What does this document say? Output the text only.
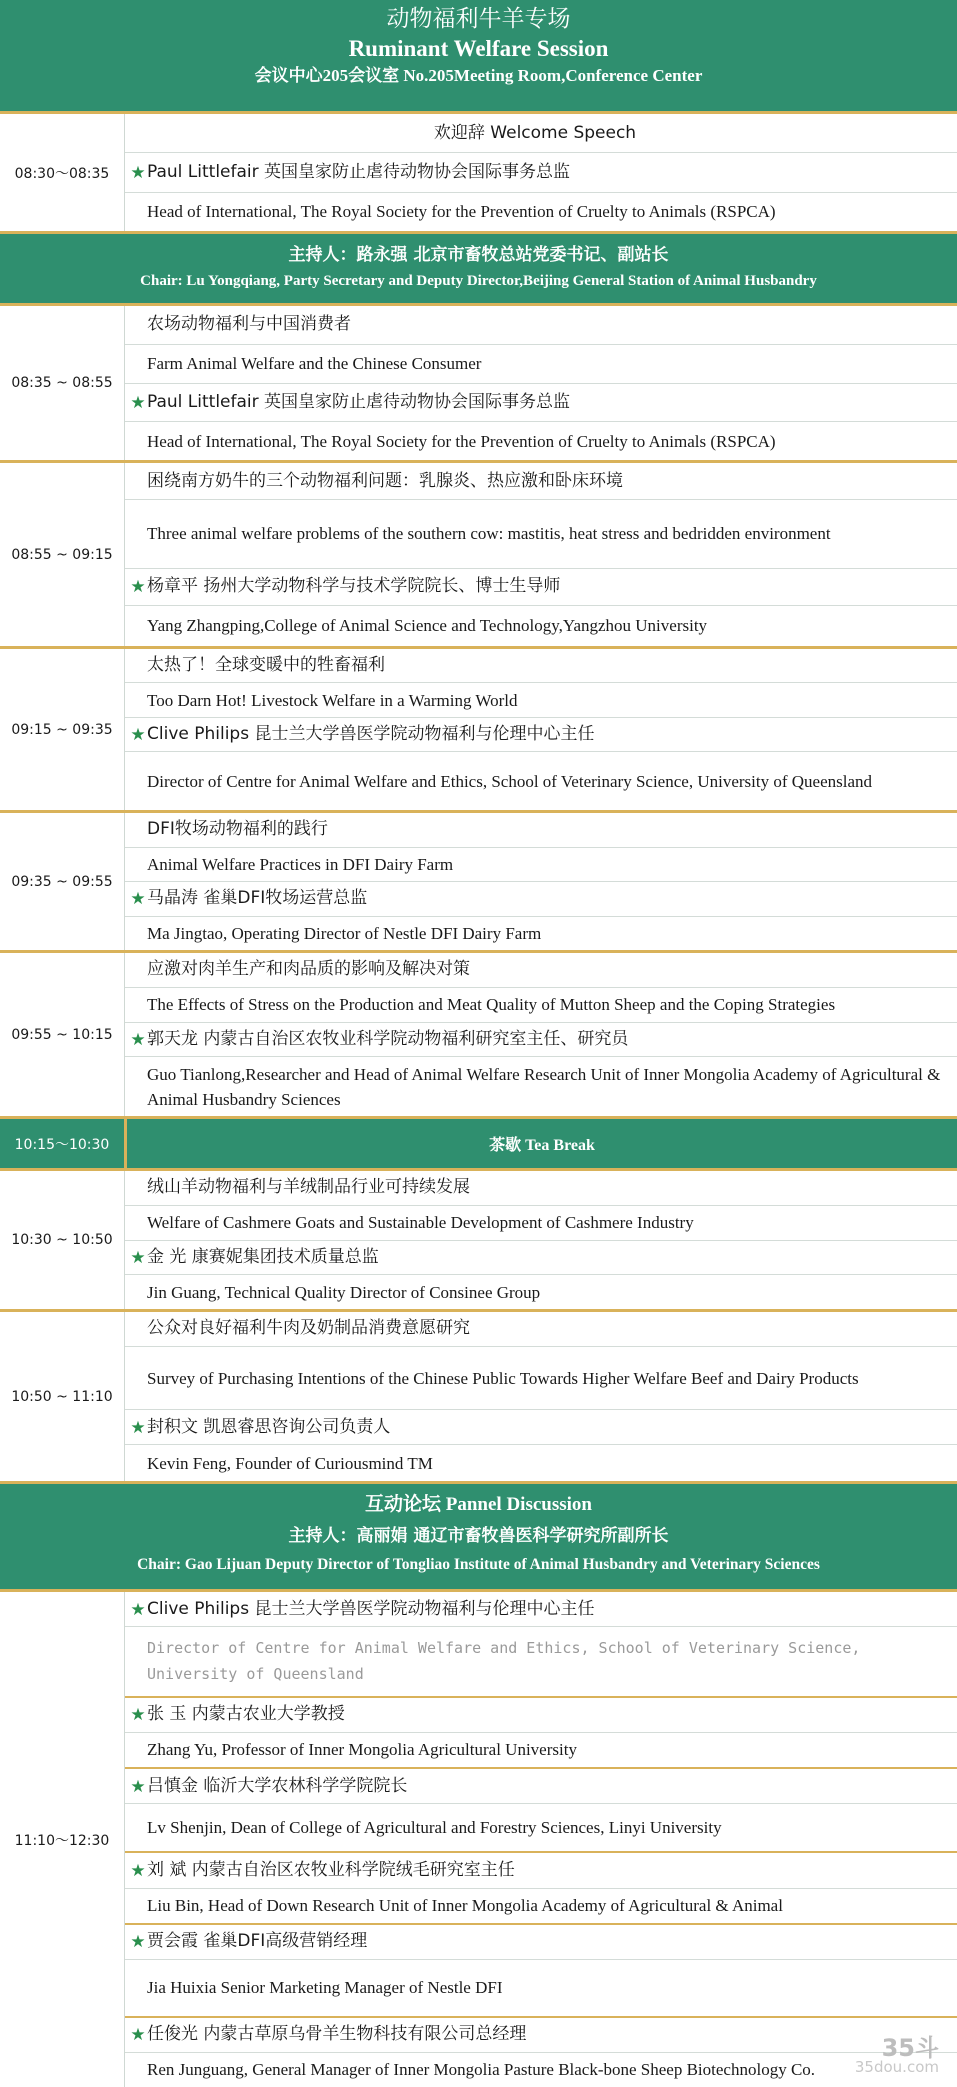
动物福利牛羊专场
Ruminant Welfare Session
会议中心205会议室 No.205Meeting Room,Conference Center
08:30～08:35
欢迎辞 Welcome Speech
★ Paul Littlefair 英国皇家防止虐待动物协会国际事务总监
Head of International, The Royal Society for the Prevention of Cruelty to Animals (RSPCA)
主持人：路永强 北京市畜牧总站党委书记、副站长
Chair: Lu Yongqiang, Party Secretary and Deputy Director,Beijing General Station of Animal Husbandry
08:35 ~ 08:55
农场动物福利与中国消费者
Farm Animal Welfare and the Chinese Consumer
★ Paul Littlefair 英国皇家防止虐待动物协会国际事务总监
Head of International, The Royal Society for the Prevention of Cruelty to Animals (RSPCA)
08:55 ~ 09:15
困绕南方奶牛的三个动物福利问题：乳腺炎、热应激和卧床环境
Three animal welfare problems of the southern cow: mastitis, heat stress and bedridden environment
★ 杨章平 扬州大学动物科学与技术学院院长、博士生导师
Yang Zhangping,College of Animal Science and Technology,Yangzhou University
09:15 ~ 09:35
太热了！全球变暖中的牲畜福利
Too Darn Hot! Livestock Welfare in a Warming World
★ Clive Philips 昆士兰大学兽医学院动物福利与伦理中心主任
Director of Centre for Animal Welfare and Ethics, School of Veterinary Science, University of Queensland
09:35 ~ 09:55
DFI牧场动物福利的践行
Animal Welfare Practices in DFI Dairy Farm
★ 马晶涛 雀巢DFI牧场运营总监
Ma Jingtao, Operating Director of Nestle DFI Dairy Farm
09:55 ~ 10:15
应激对肉羊生产和肉品质的影响及解决对策
The Effects of Stress on the Production and Meat Quality of Mutton Sheep and the Coping Strategies
★ 郭天龙 内蒙古自治区农牧业科学院动物福利研究室主任、研究员
Guo Tianlong,Researcher and Head of Animal Welfare Research Unit of Inner Mongolia Academy of Agricultural & Animal Husbandry Sciences
10:15～10:30	茶歇 Tea Break
10:30 ~ 10:50
绒山羊动物福利与羊绒制品行业可持续发展
Welfare of Cashmere Goats and Sustainable Development of Cashmere Industry
★ 金 光 康赛妮集团技术质量总监
Jin Guang, Technical Quality Director of Consinee Group
10:50 ~ 11:10
公众对良好福利牛肉及奶制品消费意愿研究
Survey of Purchasing Intentions of the Chinese Public Towards Higher Welfare Beef and Dairy Products
★ 封积文 凯恩睿思咨询公司负责人
Kevin Feng, Founder of Curiousmind TM
互动论坛 Pannel Discussion
主持人：高丽娟 通辽市畜牧兽医科学研究所副所长
Chair: Gao Lijuan Deputy Director of Tongliao Institute of Animal Husbandry and Veterinary Sciences
11:10～12:30
★ Clive Philips 昆士兰大学兽医学院动物福利与伦理中心主任
Director of Centre for Animal Welfare and Ethics, School of Veterinary Science, University of Queensland
★ 张 玉 内蒙古农业大学教授
Zhang Yu, Professor of Inner Mongolia Agricultural University
★ 吕慎金 临沂大学农林科学学院院长
Lv Shenjin, Dean of College of Agricultural and Forestry Sciences, Linyi University
★ 刘 斌 内蒙古自治区农牧业科学院绒毛研究室主任
Liu Bin, Head of Down Research Unit of Inner Mongolia Academy of Agricultural & Animal
★ 贾会霞 雀巢DFI高级营销经理
Jia Huixia Senior Marketing Manager of Nestle DFI
★ 任俊光 内蒙古草原乌骨羊生物科技有限公司总经理
Ren Junguang, General Manager of Inner Mongolia Pasture Black-bone Sheep Biotechnology Co.
35斗
35dou.com
